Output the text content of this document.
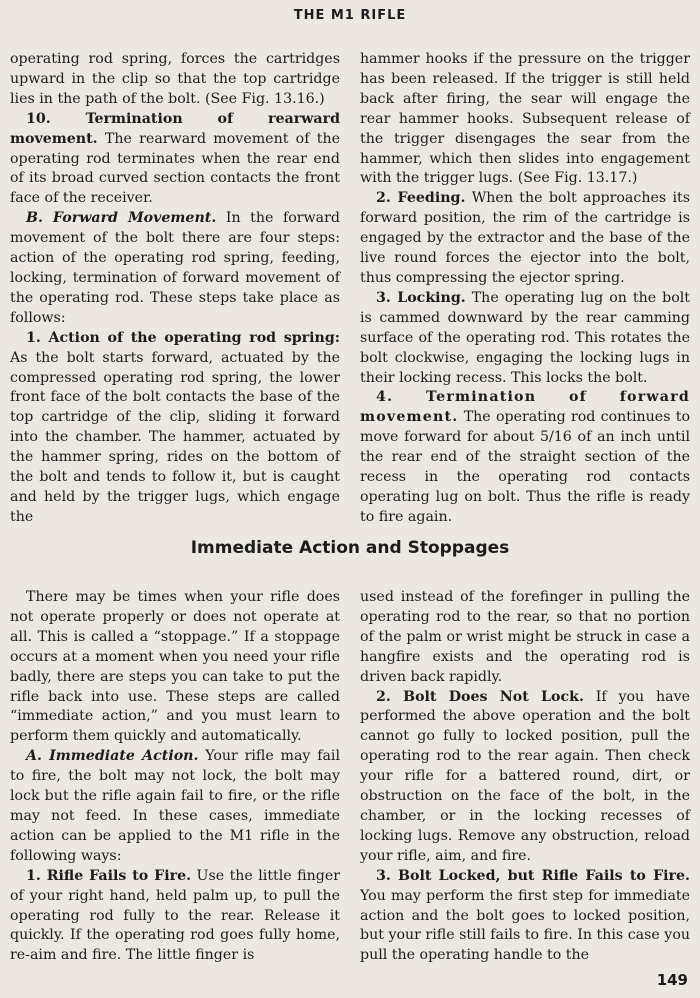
THE M1 RIFLE

operating rod spring, forces the cartridges upward in the clip so that the top cartridge lies in the path of the bolt. (See Fig. 13.16.)

10. Termination of rearward movement. The rearward movement of the operating rod terminates when the rear end of its broad curved section contacts the front face of the receiver.

B. Forward Movement. In the forward movement of the bolt there are four steps: action of the operating rod spring, feeding, locking, termination of forward movement of the operating rod. These steps take place as follows:

1. Action of the operating rod spring: As the bolt starts forward, actuated by the compressed operating rod spring, the lower front face of the bolt contacts the base of the top cartridge of the clip, sliding it forward into the chamber. The hammer, actuated by the hammer spring, rides on the bottom of the bolt and tends to follow it, but is caught and held by the trigger lugs, which engage the

hammer hooks if the pressure on the trigger has been released. If the trigger is still held back after firing, the sear will engage the rear hammer hooks. Subsequent release of the trigger disengages the sear from the hammer, which then slides into engagement with the trigger lugs. (See Fig. 13.17.)

2. Feeding. When the bolt approaches its forward position, the rim of the cartridge is engaged by the extractor and the base of the live round forces the ejector into the bolt, thus compressing the ejector spring.

3. Locking. The operating lug on the bolt is cammed downward by the rear camming surface of the operating rod. This rotates the bolt clockwise, engaging the locking lugs in their locking recess. This locks the bolt.

4. Termination of forward movement. The operating rod continues to move forward for about 5/16 of an inch until the rear end of the straight section of the recess in the operating rod contacts operating lug on bolt. Thus the rifle is ready to fire again.

Immediate Action and Stoppages

There may be times when your rifle does not operate properly or does not operate at all. This is called a “stoppage.” If a stoppage occurs at a moment when you need your rifle badly, there are steps you can take to put the rifle back into use. These steps are called “immediate action,” and you must learn to perform them quickly and automatically.

A. Immediate Action. Your rifle may fail to fire, the bolt may not lock, the bolt may lock but the rifle again fail to fire, or the rifle may not feed. In these cases, immediate action can be applied to the M1 rifle in the following ways:

1. Rifle Fails to Fire. Use the little finger of your right hand, held palm up, to pull the operating rod fully to the rear. Release it quickly. If the operating rod goes fully home, re-aim and fire. The little finger is

used instead of the forefinger in pulling the operating rod to the rear, so that no portion of the palm or wrist might be struck in case a hangfire exists and the operating rod is driven back rapidly.

2. Bolt Does Not Lock. If you have performed the above operation and the bolt cannot go fully to locked position, pull the operating rod to the rear again. Then check your rifle for a battered round, dirt, or obstruction on the face of the bolt, in the chamber, or in the locking recesses of locking lugs. Remove any obstruction, reload your rifle, aim, and fire.

3. Bolt Locked, but Rifle Fails to Fire. You may perform the first step for immediate action and the bolt goes to locked position, but your rifle still fails to fire. In this case you pull the operating handle to the

149
